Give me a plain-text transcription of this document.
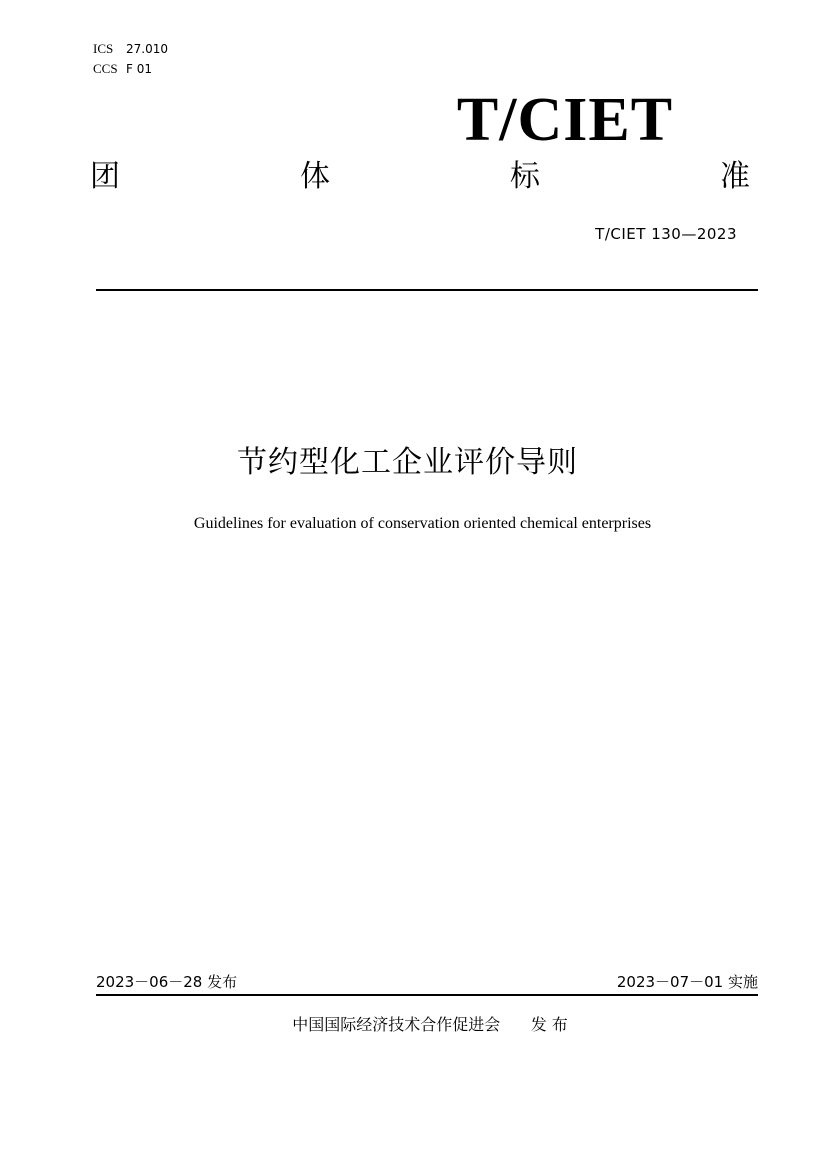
ICS	27.010
CCS F 01
T/CIET
团	体	标	准
T/CIET 130—2023
节约型化工企业评价导则
Guidelines for evaluation of conservation oriented chemical enterprises
2023－06－28 发布	2023－07－01 实施
中国国际经济技术合作促进会      发 布
